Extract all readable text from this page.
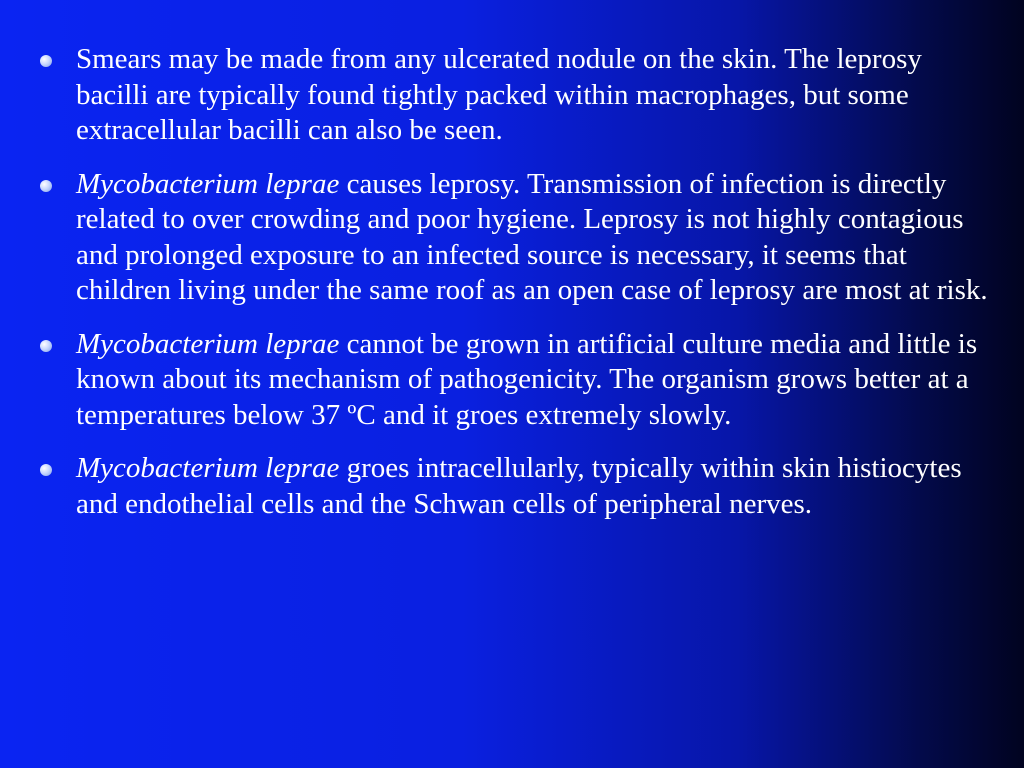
Smears may be made from any ulcerated nodule on the skin. The leprosy bacilli are typically found tightly packed within macrophages, but some extracellular bacilli can also be seen.
Mycobacterium leprae causes leprosy. Transmission of infection is directly related to over crowding and poor hygiene. Leprosy is not highly contagious and prolonged exposure to an infected source is necessary, it seems that children living under the same roof as an open case of leprosy are most at risk.
Mycobacterium leprae cannot be grown in artificial culture media and little is known about its mechanism of pathogenicity. The organism grows better at a temperatures below 37 ºC and it groes extremely slowly.
Mycobacterium leprae groes intracellularly, typically within skin histiocytes and endothelial cells and the Schwan cells of peripheral nerves.
